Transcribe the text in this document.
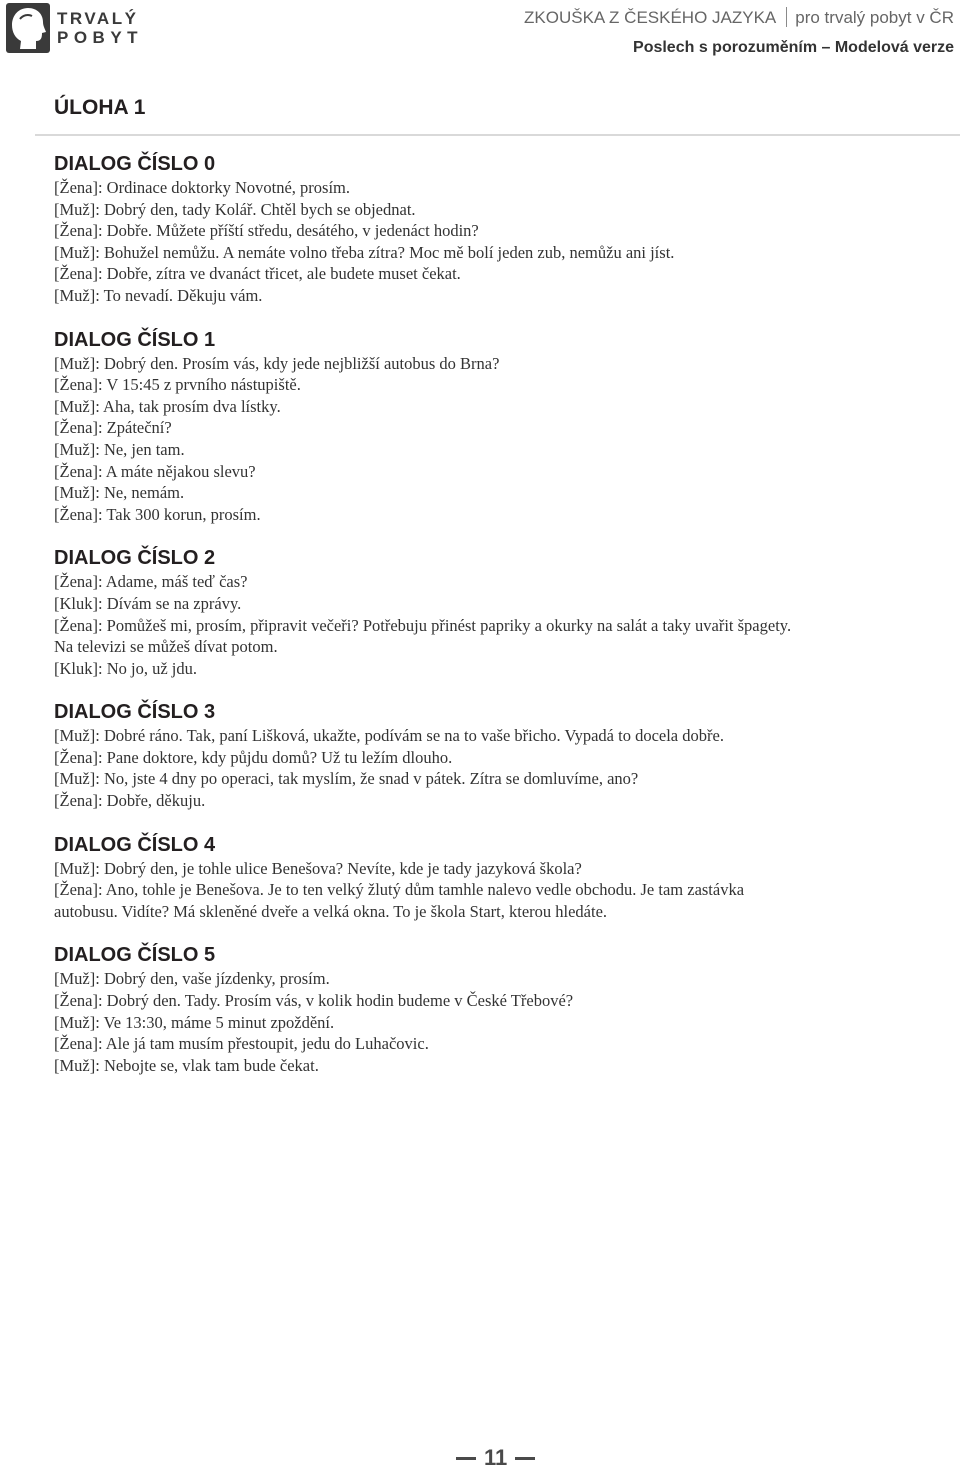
TRVALÝ
POBYT
ZKOUŠKA Z ČESKÉHO JAZYKA pro trvalý pobyt v ČR
Poslech s porozuměním – Modelová verze
ÚLOHA 1
DIALOG ČÍSLO 0
[Žena]: Ordinace doktorky Novotné, prosím.
[Muž]: Dobrý den, tady Kolář. Chtěl bych se objednat.
[Žena]: Dobře. Můžete příští středu, desátého, v jedenáct hodin?
[Muž]: Bohužel nemůžu. A nemáte volno třeba zítra? Moc mě bolí jeden zub, nemůžu ani jíst.
[Žena]: Dobře, zítra ve dvanáct třicet, ale budete muset čekat.
[Muž]: To nevadí. Děkuju vám.
DIALOG ČÍSLO 1
[Muž]: Dobrý den. Prosím vás, kdy jede nejbližší autobus do Brna?
[Žena]: V 15:45 z prvního nástupiště.
[Muž]: Aha, tak prosím dva lístky.
[Žena]: Zpáteční?
[Muž]: Ne, jen tam.
[Žena]: A máte nějakou slevu?
[Muž]: Ne, nemám.
[Žena]: Tak 300 korun, prosím.
DIALOG ČÍSLO 2
[Žena]: Adame, máš teď čas?
[Kluk]: Dívám se na zprávy.
[Žena]: Pomůžeš mi, prosím, připravit večeři? Potřebuju přinést papriky a okurky na salát a taky uvařit špagety.
Na televizi se můžeš dívat potom.
[Kluk]: No jo, už jdu.
DIALOG ČÍSLO 3
[Muž]: Dobré ráno. Tak, paní Lišková, ukažte, podívám se na to vaše břicho. Vypadá to docela dobře.
[Žena]: Pane doktore, kdy půjdu domů? Už tu ležím dlouho.
[Muž]: No, jste 4 dny po operaci, tak myslím, že snad v pátek. Zítra se domluvíme, ano?
[Žena]: Dobře, děkuju.
DIALOG ČÍSLO 4
[Muž]: Dobrý den, je tohle ulice Benešova? Nevíte, kde je tady jazyková škola?
[Žena]: Ano, tohle je Benešova. Je to ten velký žlutý dům tamhle nalevo vedle obchodu. Je tam zastávka
autobusu. Vidíte? Má skleněné dveře a velká okna. To je škola Start, kterou hledáte.
DIALOG ČÍSLO 5
[Muž]: Dobrý den, vaše jízdenky, prosím.
[Žena]: Dobrý den. Tady. Prosím vás, v kolik hodin budeme v České Třebové?
[Muž]: Ve 13:30, máme 5 minut zpoždění.
[Žena]: Ale já tam musím přestoupit, jedu do Luhačovic.
[Muž]: Nebojte se, vlak tam bude čekat.
11
